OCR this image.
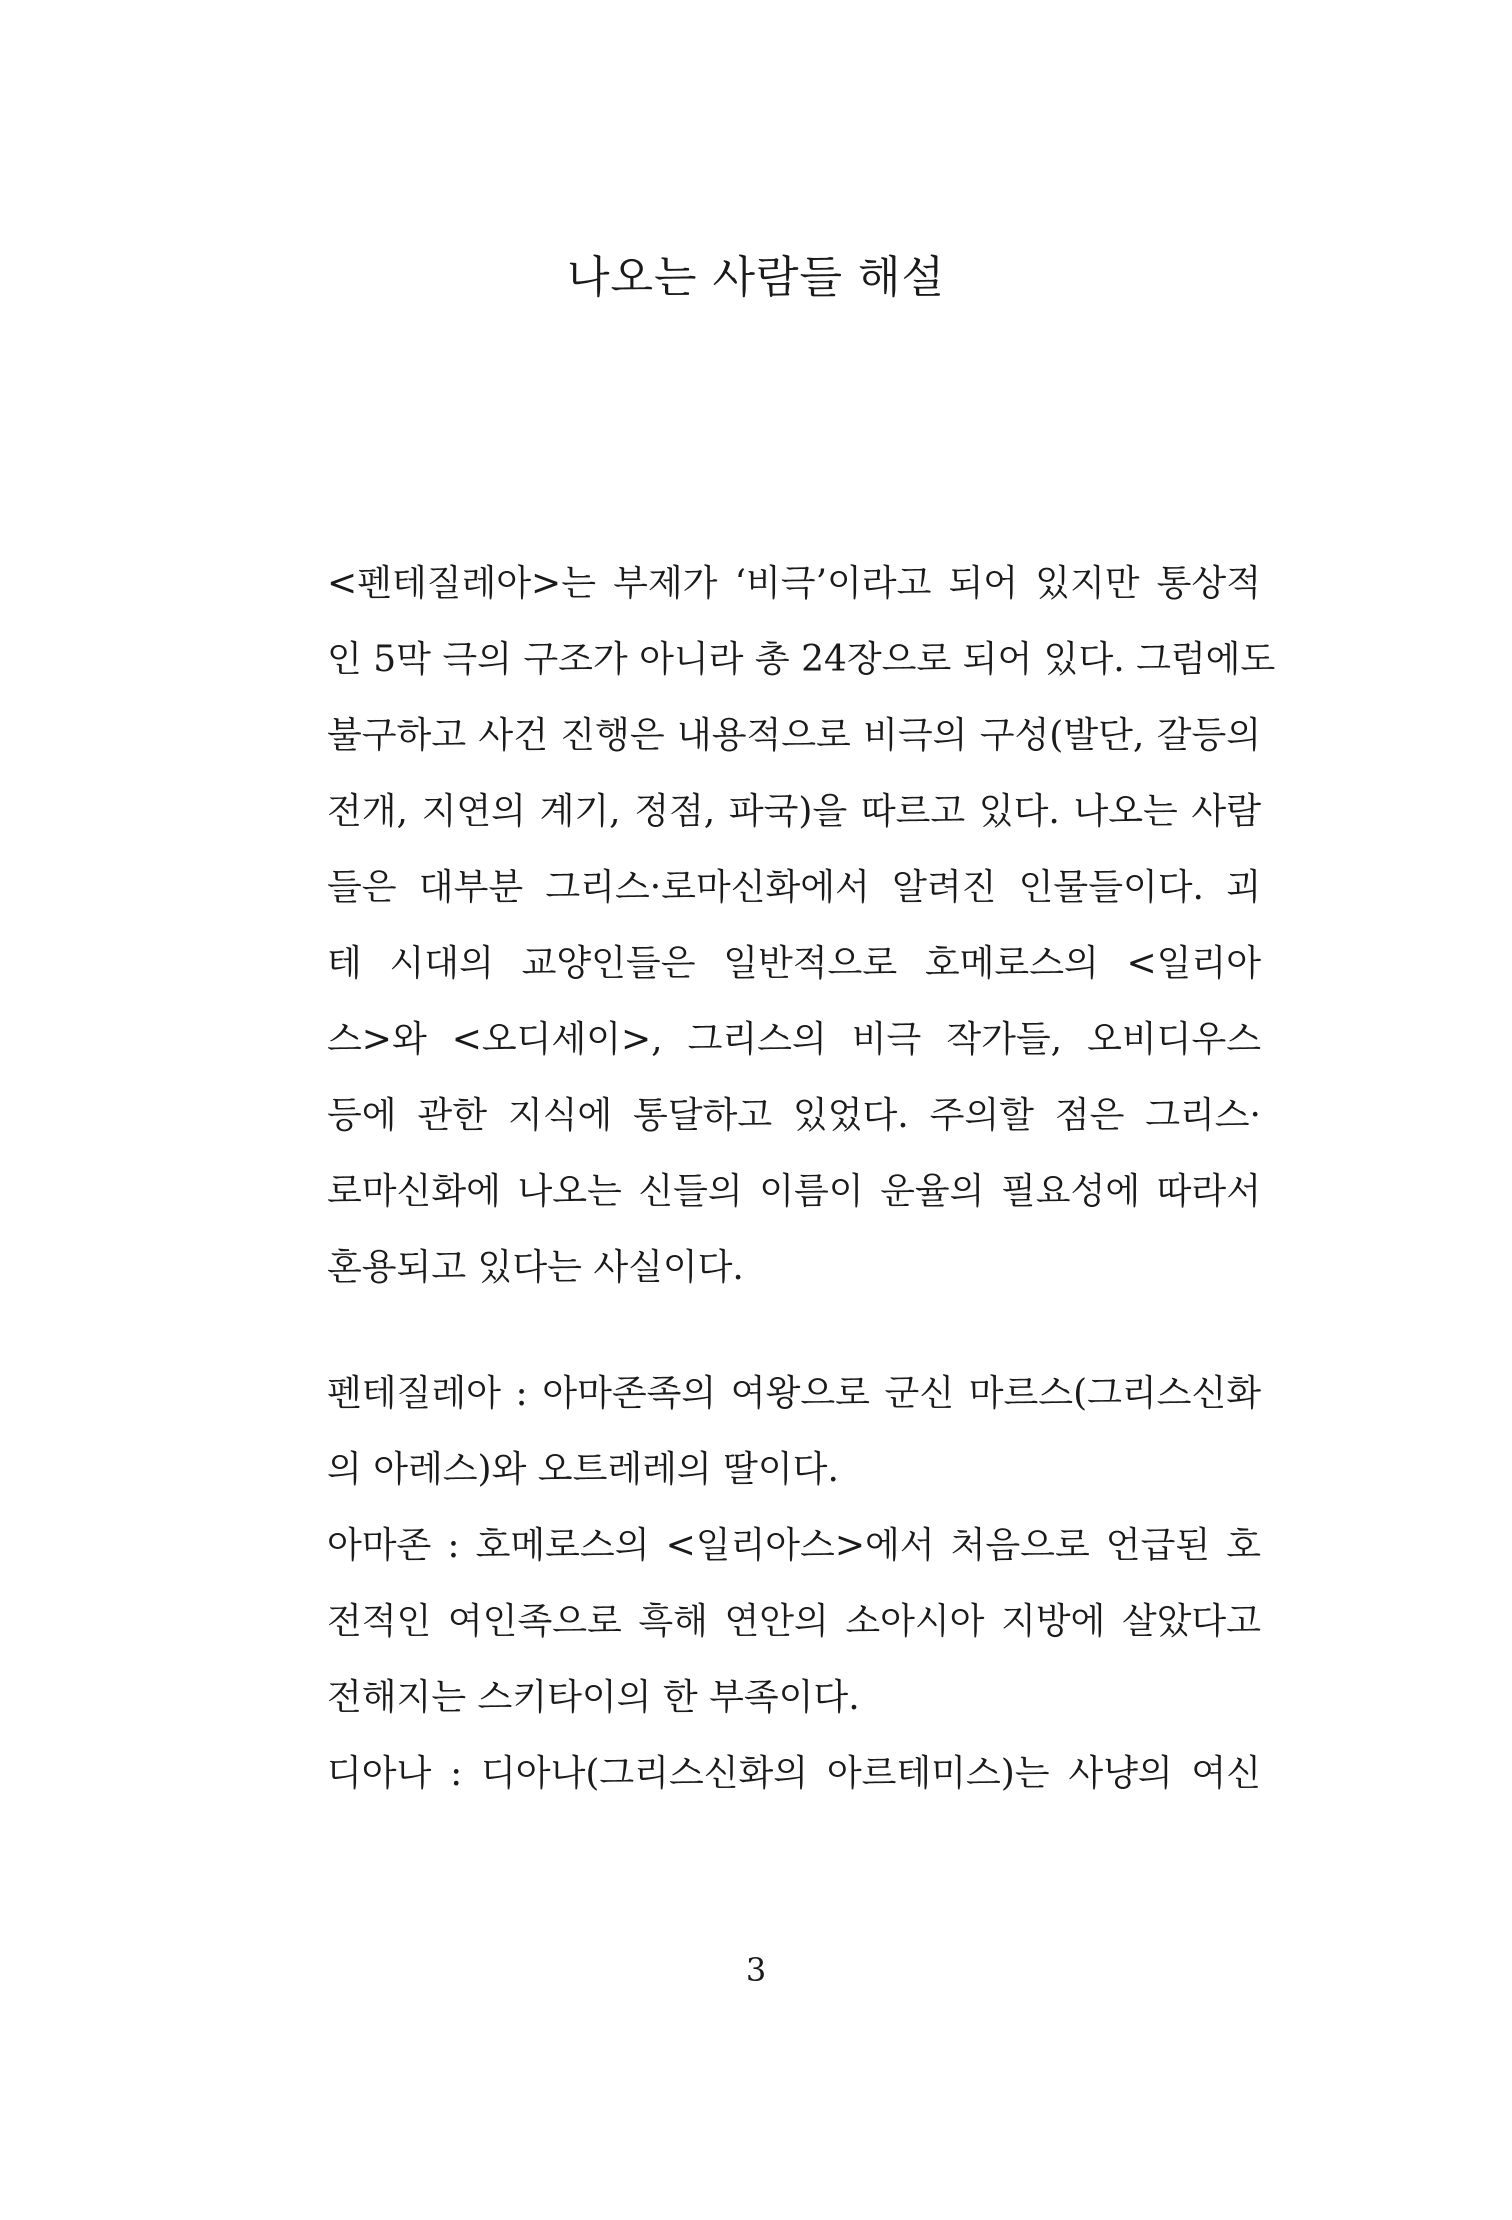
나오는 사람들 해설
<펜테질레아>는 부제가 ‘비극’이라고 되어 있지만 통상적
인 5막 극의 구조가 아니라 총 24장으로 되어 있다. 그럼에도
불구하고 사건 진행은 내용적으로 비극의 구성(발단, 갈등의
전개, 지연의 계기, 정점, 파국)을 따르고 있다. 나오는 사람
들은 대부분 그리스·로마신화에서 알려진 인물들이다. 괴
테 시대의 교양인들은 일반적으로 호메로스의 <일리아
스>와 <오디세이>, 그리스의 비극 작가들, 오비디우스
등에 관한 지식에 통달하고 있었다. 주의할 점은 그리스·
로마신화에 나오는 신들의 이름이 운율의 필요성에 따라서
혼용되고 있다는 사실이다.
펜테질레아 : 아마존족의 여왕으로 군신 마르스(그리스신화
의 아레스)와 오트레레의 딸이다.
아마존 : 호메로스의 <일리아스>에서 처음으로 언급된 호
전적인 여인족으로 흑해 연안의 소아시아 지방에 살았다고
전해지는 스키타이의 한 부족이다.
디아나 : 디아나(그리스신화의 아르테미스)는 사냥의 여신
3
